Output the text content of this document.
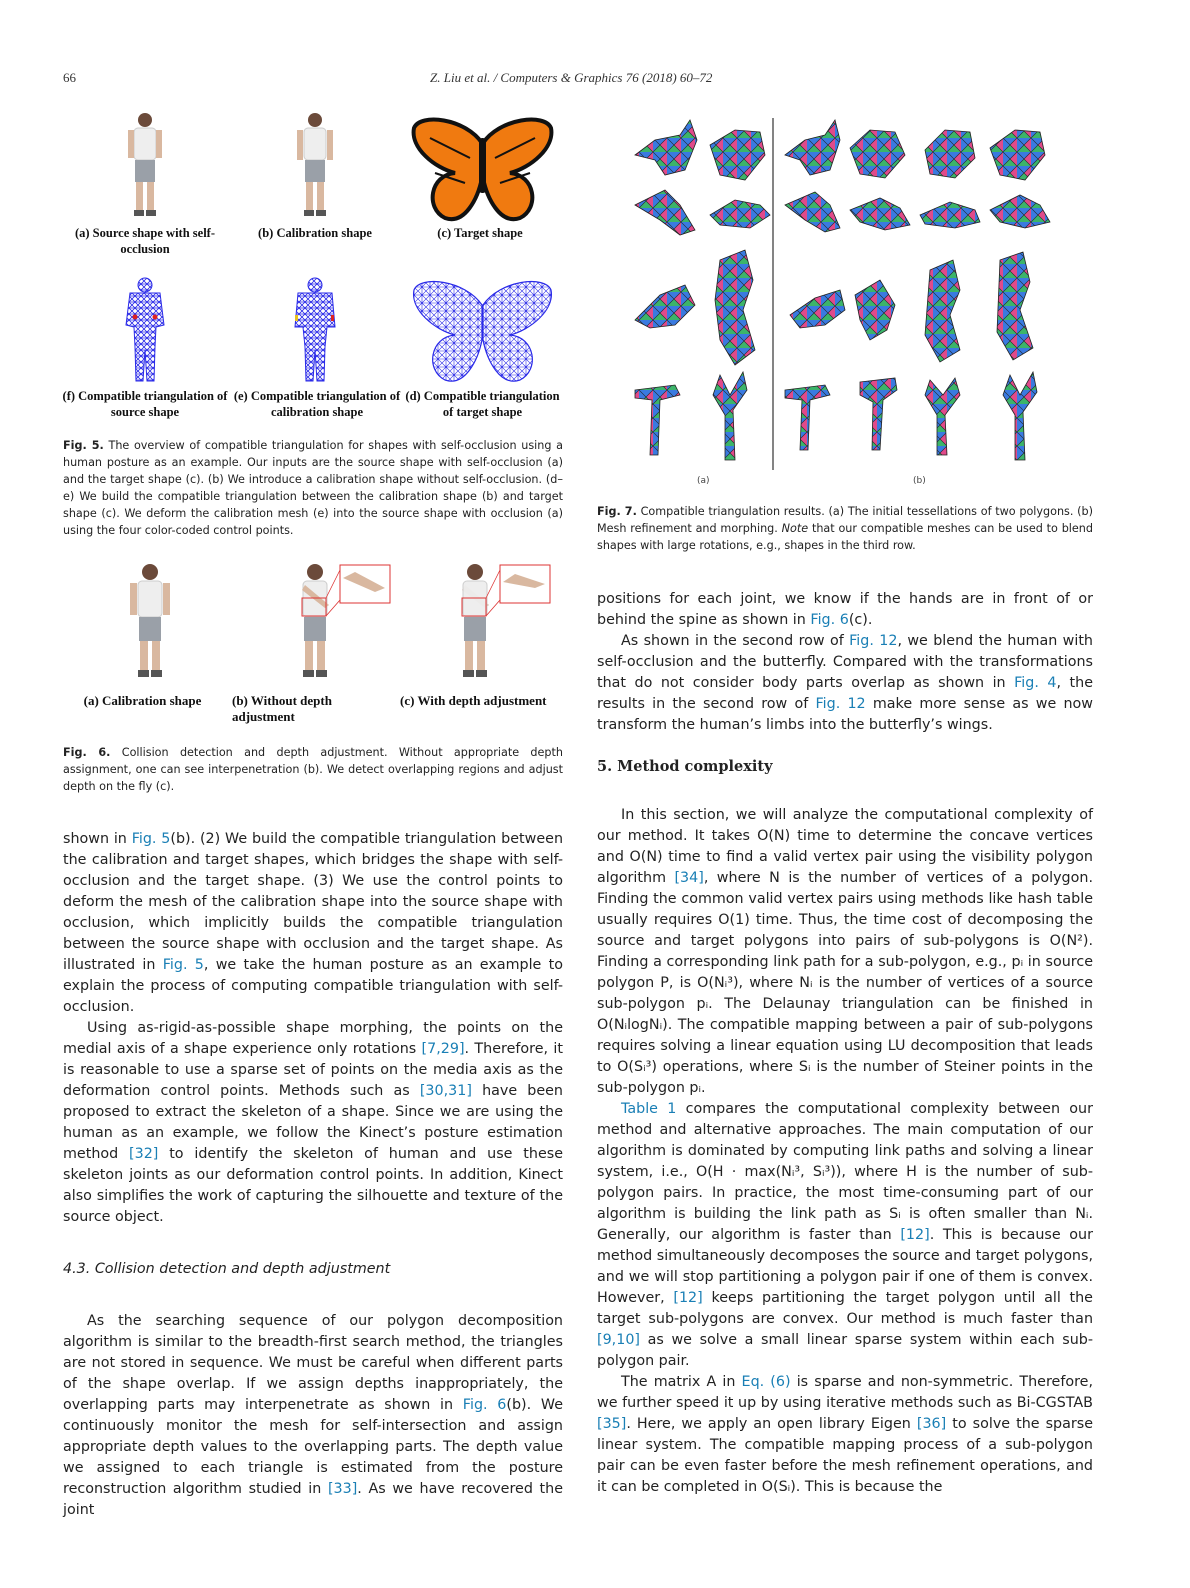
66	Z. Liu et al. / Computers & Graphics 76 (2018) 60–72
(a) Source shape with self-occlusion
(b) Calibration shape	(c) Target shape
(f) Compatible triangulation of source shape
(e) Compatible triangulation of calibration shape
(d) Compatible triangulation of target shape
Fig. 5. The overview of compatible triangulation for shapes with self-occlusion using a human posture as an example. Our inputs are the source shape with self-occlusion (a) and the target shape (c). (b) We introduce a calibration shape without self-occlusion. (d–e) We build the compatible triangulation between the calibration shape (b) and target shape (c). We deform the calibration mesh (e) into the source shape with occlusion (a) using the four color-coded control points.
(a) Calibration shape	(b) Without depth adjustment
(c) With depth adjustment
Fig. 6. Collision detection and depth adjustment. Without appropriate depth assignment, one can see interpenetration (b). We detect overlapping regions and adjust depth on the fly (c).
(a)	(b)
Fig. 7. Compatible triangulation results. (a) The initial tessellations of two polygons. (b) Mesh refinement and morphing. Note that our compatible meshes can be used to blend shapes with large rotations, e.g., shapes in the third row.

shown in Fig. 5(b). (2) We build the compatible triangulation between the calibration and target shapes, which bridges the shape with self-occlusion and the target shape. (3) We use the control points to deform the mesh of the calibration shape into the source shape with occlusion, which implicitly builds the compatible triangulation between the source shape with occlusion and the target shape. As illustrated in Fig. 5, we take the human posture as an example to explain the process of computing compatible triangulation with self-occlusion.

Using as-rigid-as-possible shape morphing, the points on the medial axis of a shape experience only rotations [7,29]. Therefore, it is reasonable to use a sparse set of points on the media axis as the deformation control points. Methods such as [30,31] have been proposed to extract the skeleton of a shape. Since we are using the human as an example, we follow the Kinect’s posture estimation method [32] to identify the skeleton of human and use these skeleton joints as our deformation control points. In addition, Kinect also simplifies the work of capturing the silhouette and texture of the source object.

4.3. Collision detection and depth adjustment

As the searching sequence of our polygon decomposition algorithm is similar to the breadth-first search method, the triangles are not stored in sequence. We must be careful when different parts of the shape overlap. If we assign depths inappropriately, the overlapping parts may interpenetrate as shown in Fig. 6(b). We continuously monitor the mesh for self-intersection and assign appropriate depth values to the overlapping parts. The depth value we assigned to each triangle is estimated from the posture reconstruction algorithm studied in [33]. As we have recovered the joint

positions for each joint, we know if the hands are in front of or behind the spine as shown in Fig. 6(c).

As shown in the second row of Fig. 12, we blend the human with self-occlusion and the butterfly. Compared with the transformations that do not consider body parts overlap as shown in Fig. 4, the results in the second row of Fig. 12 make more sense as we now transform the human’s limbs into the butterfly’s wings.

5. Method complexity

In this section, we will analyze the computational complexity of our method. It takes O(N) time to determine the concave vertices and O(N) time to find a valid vertex pair using the visibility polygon algorithm [34], where N is the number of vertices of a polygon. Finding the common valid vertex pairs using methods like hash table usually requires O(1) time. Thus, the time cost of decomposing the source and target polygons into pairs of sub-polygons is O(N²). Finding a corresponding link path for a sub-polygon, e.g., pᵢ in source polygon P, is O(Nᵢ³), where Nᵢ is the number of vertices of a source sub-polygon pᵢ. The Delaunay triangulation can be finished in O(NᵢlogNᵢ). The compatible mapping between a pair of sub-polygons requires solving a linear equation using LU decomposition that leads to O(Sᵢ³) operations, where Sᵢ is the number of Steiner points in the sub-polygon pᵢ.

Table 1 compares the computational complexity between our method and alternative approaches. The main computation of our algorithm is dominated by computing link paths and solving a linear system, i.e., O(H · max(Nᵢ³, Sᵢ³)), where H is the number of sub-polygon pairs. In practice, the most time-consuming part of our algorithm is building the link path as Sᵢ is often smaller than Nᵢ. Generally, our algorithm is faster than [12]. This is because our method simultaneously decomposes the source and target polygons, and we will stop partitioning a polygon pair if one of them is convex. However, [12] keeps partitioning the target polygon until all the target sub-polygons are convex. Our method is much faster than [9,10] as we solve a small linear sparse system within each sub-polygon pair.

The matrix A in Eq. (6) is sparse and non-symmetric. Therefore, we further speed it up by using iterative methods such as Bi-CGSTAB [35]. Here, we apply an open library Eigen [36] to solve the sparse linear system. The compatible mapping process of a sub-polygon pair can be even faster before the mesh refinement operations, and it can be completed in O(Sᵢ). This is because the
